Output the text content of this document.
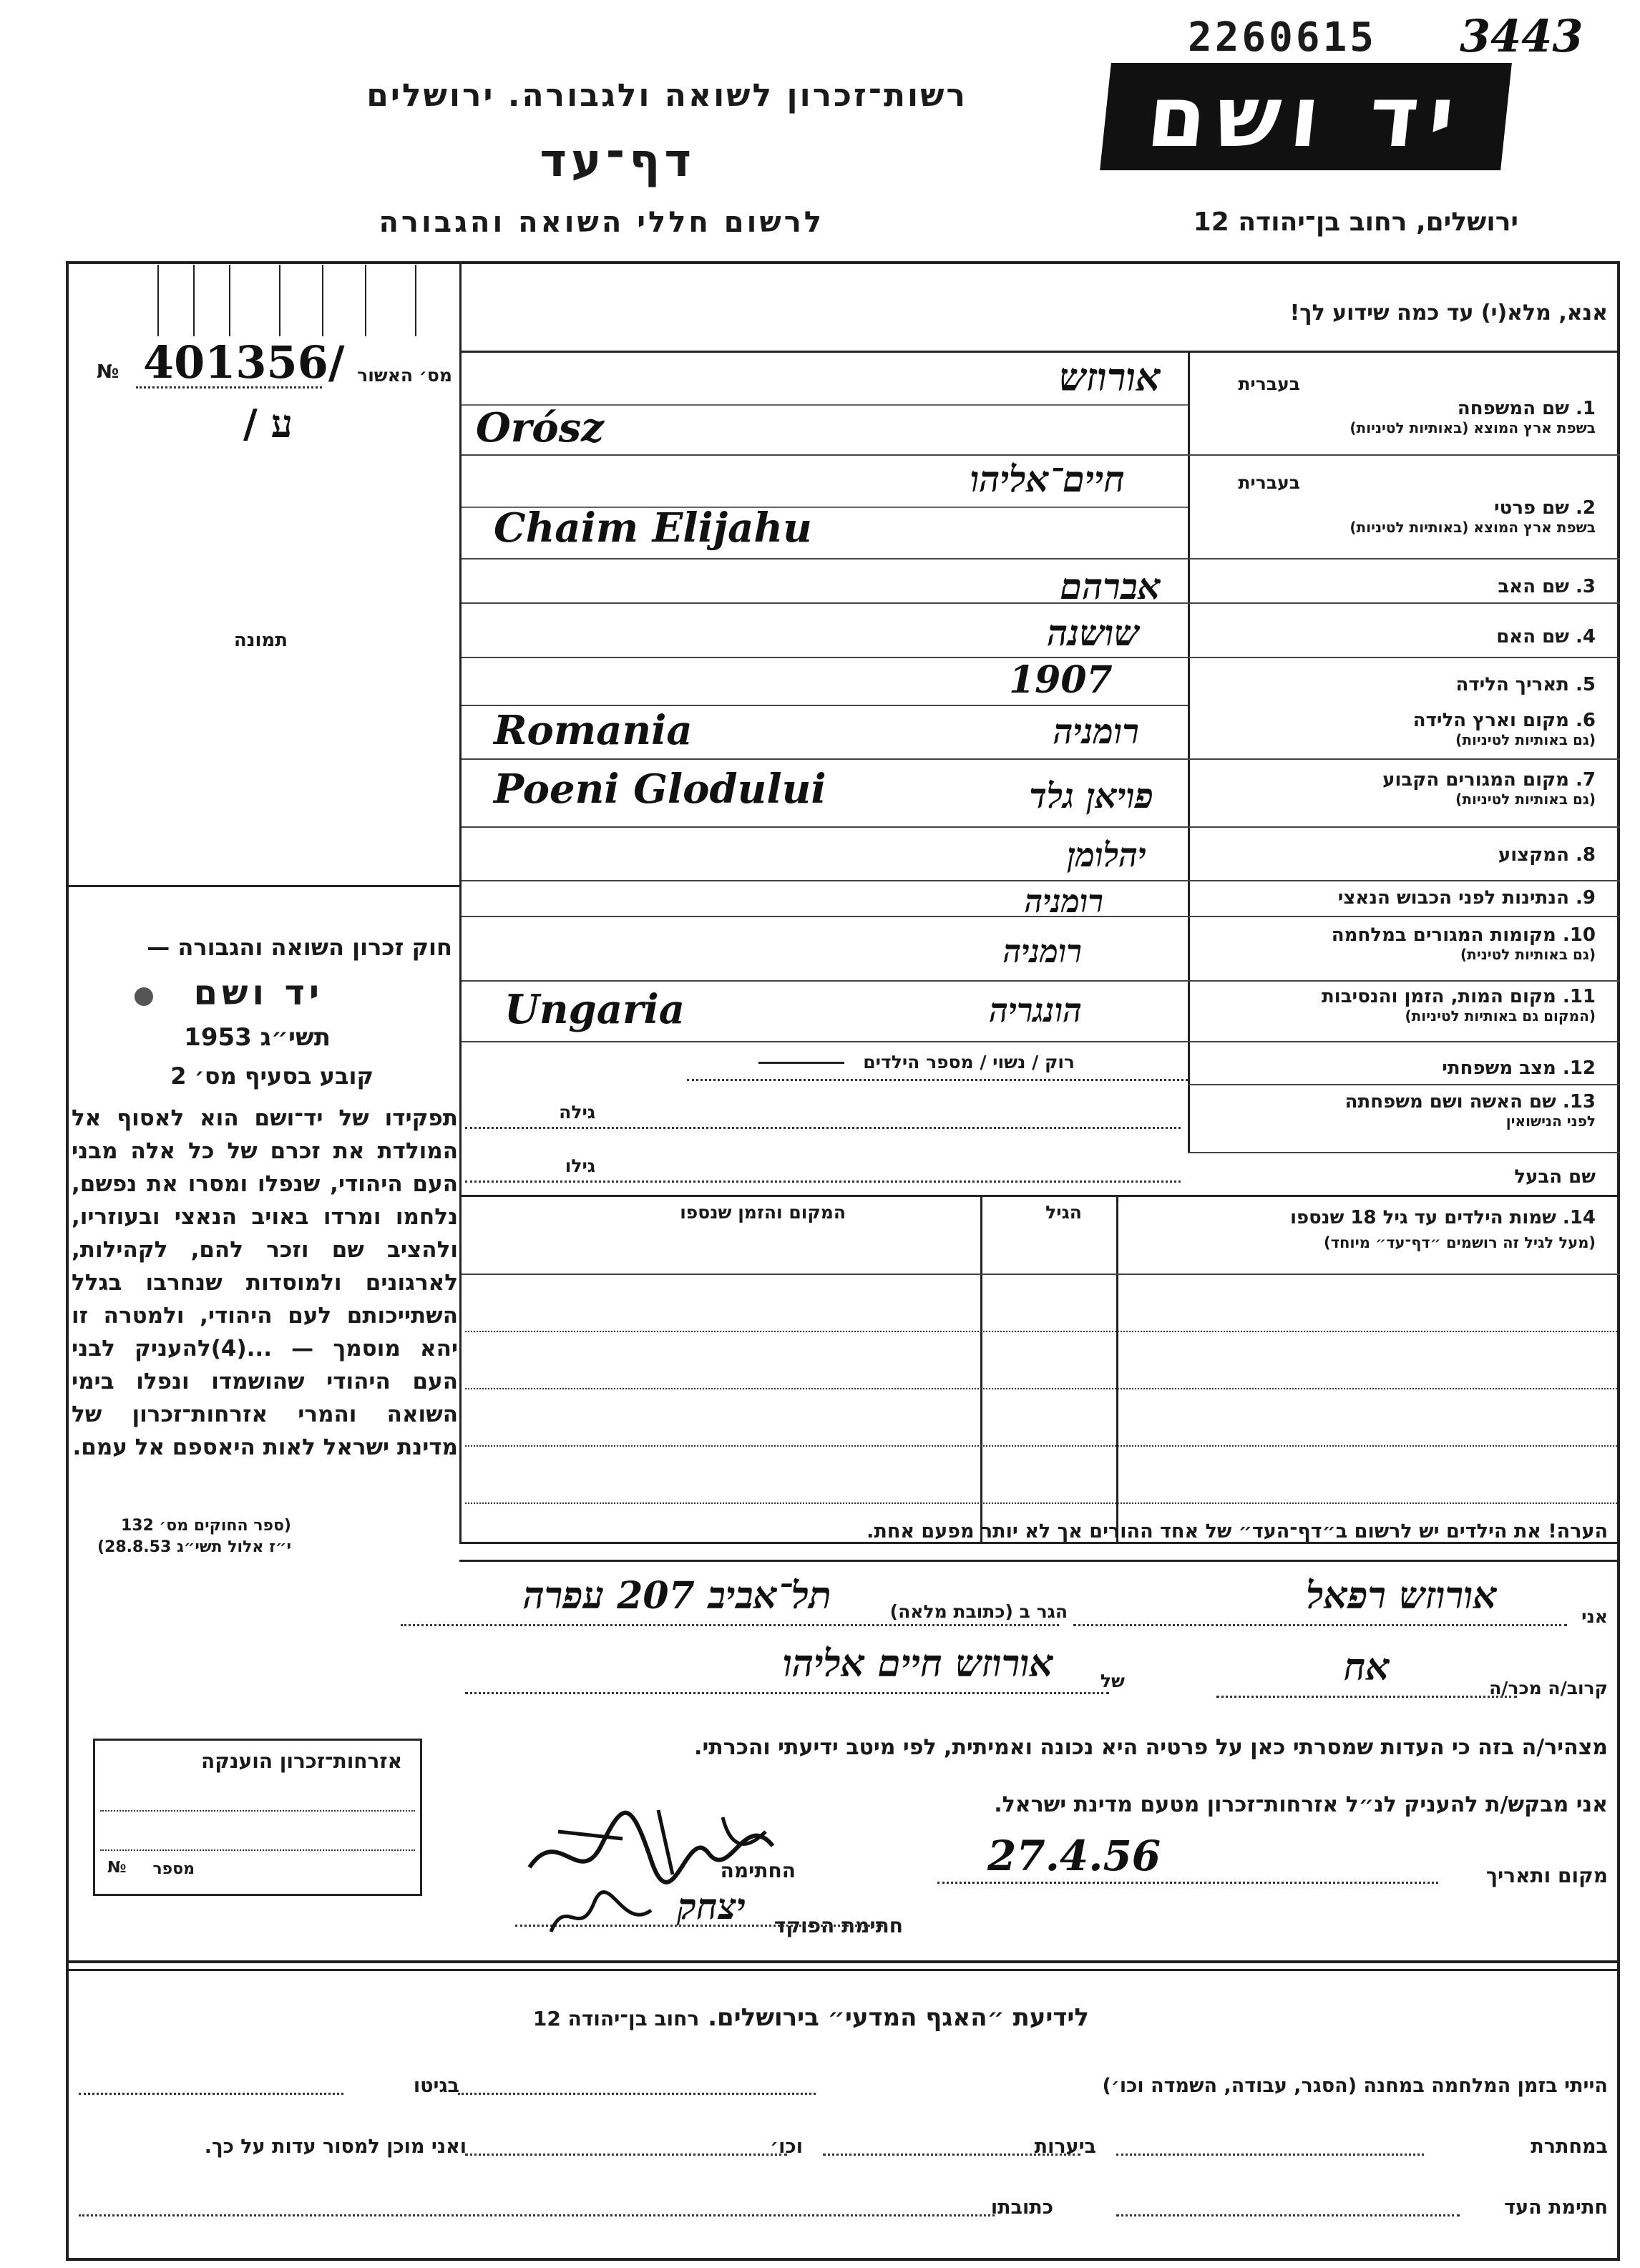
2260615 3443
רשות־זכרון לשואה ולגבורה. ירושלים
דף־עד
לרשום חללי השואה והגבורה
יד ושם
ירושלים, רחוב בן־יהודה 12
אנא, מלא(י) עד כמה שידוע לך!
מס׳ האשור
№ 401356/
/ ע
תמונה
חוק זכרון השואה והגבורה —
יד ושם
תשי״ג 1953
קובע בסעיף מס׳ 2
תפקידו של יד־ושם הוא לאסוף אל המולדת את זכרם של כל אלה מבני העם היהודי, שנפלו ומסרו את נפשם, נלחמו ומרדו באויב הנאצי ובעוזריו, ולהציב שם וזכר להם, לקהילות, לארגונים ולמוסדות שנחרבו בגלל השתייכותם לעם היהודי, ולמטרה זו יהא מוסמך — ...(4)להעניק לבני העם היהודי שהושמדו ונפלו בימי השואה והמרי אזרחות־זכרון של מדינת ישראל לאות היאספם אל עמם.
(ספר החוקים מס׳ 132
י״ז אלול תשי״ג 28.8.53)
אזרחות־זכרון הוענקה
מספר
№
בעברית
1. שם המשפחה
בשפת ארץ המוצא (באותיות לטיניות)
אורוזש
Orósz
בעברית
2. שם פרטי
בשפת ארץ המוצא (באותיות לטיניות)
חיים־אליהו
Chaim Elijahu
3. שם האב
אברהם
4. שם האם
שושנה
5. תאריך הלידה
1907
6. מקום וארץ הלידה
(גם באותיות לטיניות)
רומניה
Romania
7. מקום המגורים הקבוע
(גם באותיות לטיניות)
פויאן גלד
Poeni Glodului
8. המקצוע
יהלומן
9. הנתינות לפני הכבוש הנאצי
רומניה
10. מקומות המגורים במלחמה
(גם באותיות לטינית)
רומניה
11. מקום המות, הזמן והנסיבות
(המקום גם באותיות לטיניות)
הונגריה
Ungaria
12. מצב משפחתי
רוק / נשוי / מספר הילדים
13. שם האשה ושם משפחתה
לפני הנישואין
גילה
שם הבעל
גילו
14. שמות הילדים עד גיל 18 שנספו
(מעל לגיל זה רושמים ״דף־עד״ מיוחד)
הגיל
המקום והזמן שנספו
הערה! את הילדים יש לרשום ב״דף־העד״ של אחד ההורים אך לא יותר מפעם אחת.
אני
אורוזש רפאל
הגר ב (כתובת מלאה)
תל־אביב 207 עפרה
קרוב/ה מכר/ה
אח
של
אורוזש חיים אליהו
מצהיר/ה בזה כי העדות שמסרתי כאן על פרטיה היא נכונה ואמיתית, לפי מיטב ידיעתי והכרתי.
אני מבקש/ת להעניק לנ״ל אזרחות־זכרון מטעם מדינת ישראל.
מקום ותאריך
27.4.56
החתימה
חתימת הפוקד
יצחק
לידיעת ״האגף המדעי״ בירושלים. רחוב בן־יהודה 12
הייתי בזמן המלחמה במחנה (הסגר, עבודה, השמדה וכו׳)
בגיטו
במחתרת
ביערות
וכו׳
ואני מוכן למסור עדות על כך.
חתימת העד
כתובתו
